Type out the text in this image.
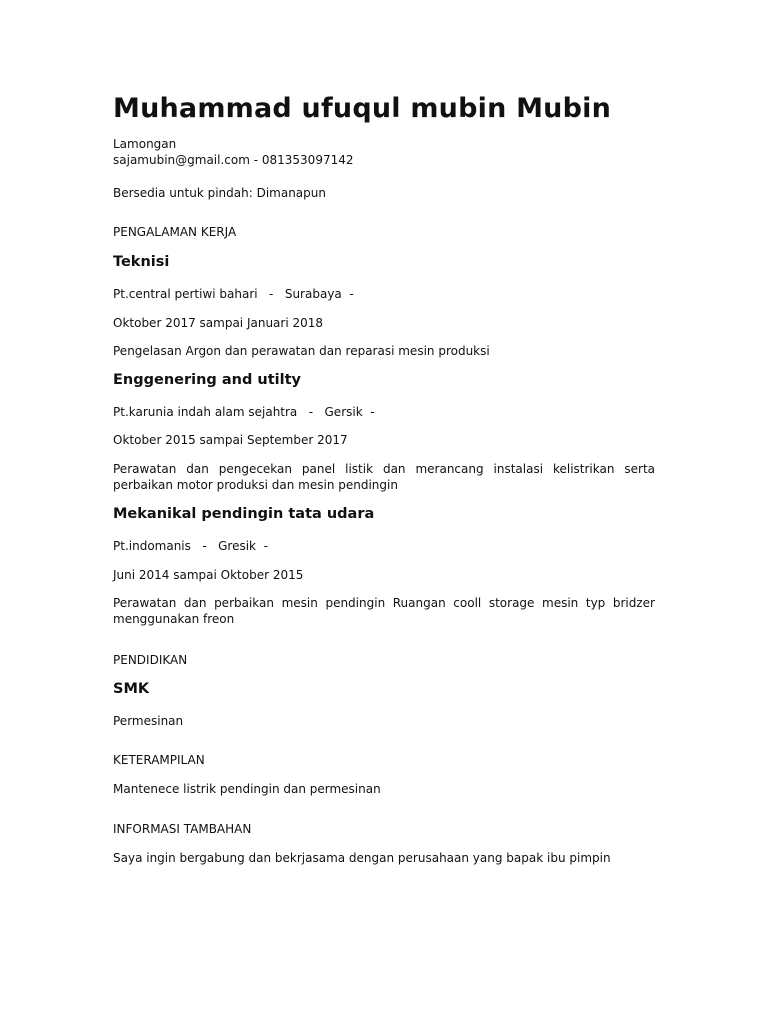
Muhammad ufuqul mubin Mubin
Lamongan
sajamubin@gmail.com - 081353097142
Bersedia untuk pindah: Dimanapun
PENGALAMAN KERJA
Teknisi
Pt.central pertiwi bahari   -   Surabaya  -
Oktober 2017 sampai Januari 2018
Pengelasan Argon dan perawatan dan reparasi mesin produksi
Enggenering and utilty
Pt.karunia indah alam sejahtra   -   Gersik  -
Oktober 2015 sampai September 2017
Perawatan dan pengecekan panel listik dan merancang instalasi kelistrikan serta perbaikan motor produksi dan mesin pendingin
Mekanikal pendingin tata udara
Pt.indomanis   -   Gresik  -
Juni 2014 sampai Oktober 2015
Perawatan dan perbaikan mesin pendingin Ruangan cooll storage mesin typ bridzer menggunakan freon
PENDIDIKAN
SMK
Permesinan
KETERAMPILAN
Mantenece listrik pendingin dan permesinan
INFORMASI TAMBAHAN
Saya ingin bergabung dan bekrjasama dengan perusahaan yang bapak ibu pimpin
